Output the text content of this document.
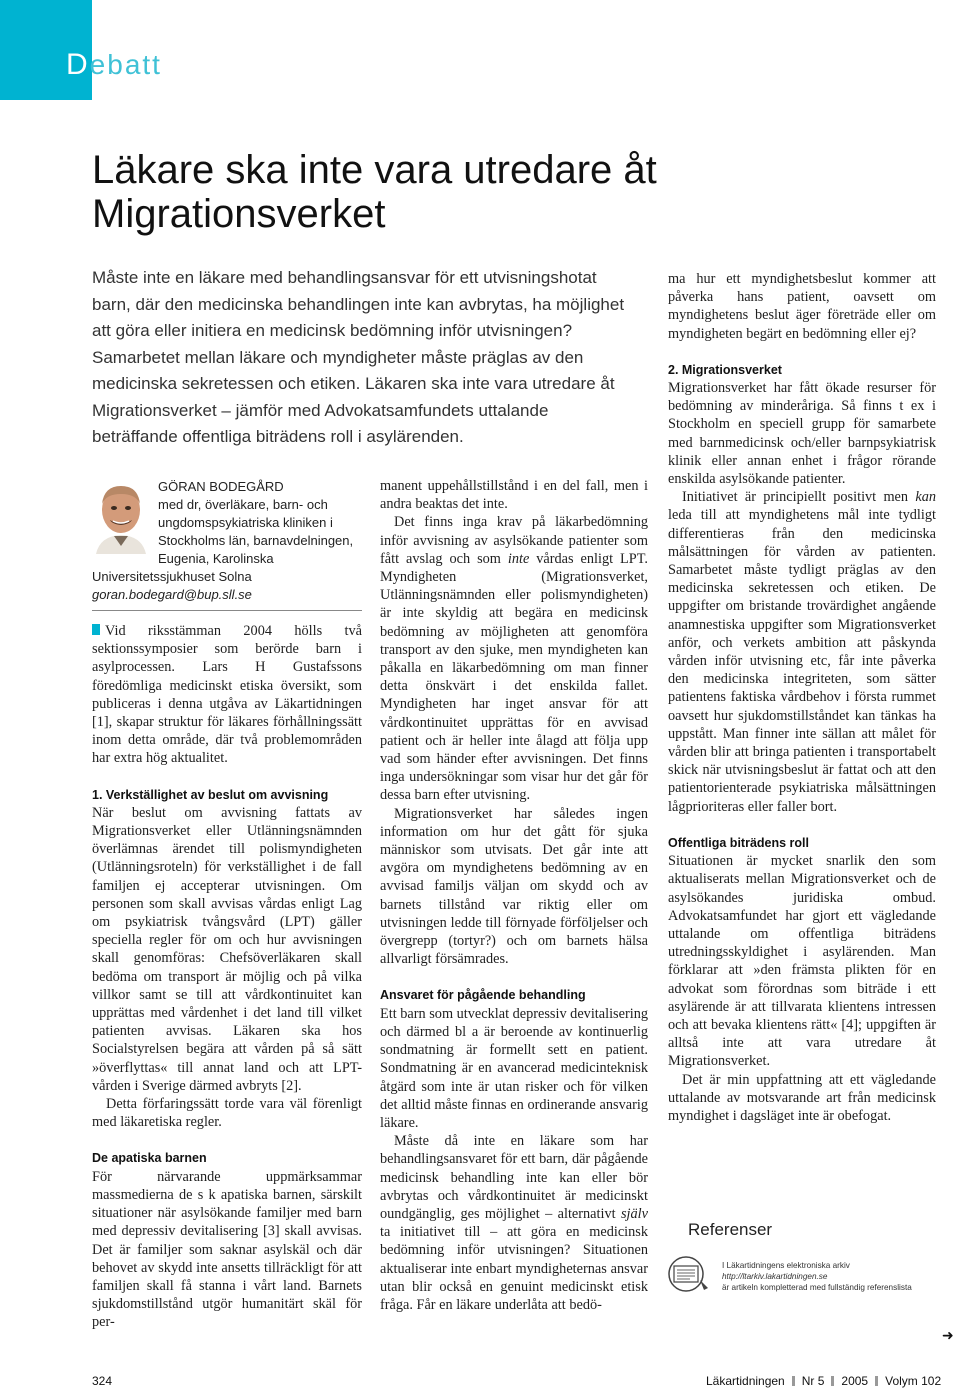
Debatt
Läkare ska inte vara utredare åt Migrationsverket

Måste inte en läkare med behandlingsansvar för ett utvisningshotat barn, där den medicinska behandlingen inte kan avbrytas, ha möjlighet att göra eller initiera en medicinsk bedömning inför utvisningen? Samarbetet mellan läkare och myndigheter måste präglas av den medicinska sekretessen och etiken. Läkaren ska inte vara utredare åt Migrationsverket – jämför med Advokatsamfundets uttalande beträffande offentliga biträdens roll i asylärenden.

GÖRAN BODEGÅRD
med dr, överläkare, barn- och ungdomspsykiatriska kliniken i Stockholms län, barnavdelningen, Eugenia, Karolinska Universitetssjukhuset Solna
goran.bodegard@bup.sll.se

Vid riksstämman 2004 hölls två sektionssymposier som berörde barn i asylprocessen. Lars H Gustafssons föredömliga medicinskt etiska översikt, som publiceras i denna utgåva av Läkartidningen [1], skapar struktur för läkares förhållningssätt inom detta område, där två problemområden har extra hög aktualitet.

1. Verkställighet av beslut om avvisning

När beslut om avvisning fattats av Migrationsverket eller Utlänningsnämnden överlämnas ärendet till polismyndigheten (Utlänningsroteln) för verkställighet i de fall familjen ej accepterar utvisningen. Om personen som skall avvisas vårdas enligt Lag om psykiatrisk tvångsvård (LPT) gäller speciella regler för om och hur avvisningen skall genomföras: Chefsöverläkaren skall bedöma om transport är möjlig och på vilka villkor samt se till att vårdkontinuitet kan upprättas med vårdenhet i det land till vilket patienten avvisas. Läkaren ska hos Socialstyrelsen begära att vården på så sätt »överflyttas« till annat land och att LPT-vården i Sverige därmed avbryts [2].

Detta förfaringssätt torde vara väl förenligt med läkaretiska regler.

De apatiska barnen

För närvarande uppmärksammar massmedierna de s k apatiska barnen, särskilt situationer när asylsökande familjer med barn med depressiv devitalisering [3] skall avvisas. Det är familjer som saknar asylskäl och där behovet av skydd inte ansetts tillräckligt för att familjen skall få stanna i vårt land. Barnets sjukdomstillstånd utgör humanitärt skäl för per-

manent uppehållstillstånd i en del fall, men i andra beaktas det inte.

Det finns inga krav på läkarbedömning inför avvisning av asylsökande patienter som fått avslag och som inte vårdas enligt LPT. Myndigheten (Migrationsverket, Utlänningsnämnden eller polismyndigheten) är inte skyldig att begära en medicinsk bedömning av möjligheten att genomföra transport av den sjuke, men myndigheten kan påkalla en läkarbedömning om man finner detta önskvärt i det enskilda fallet. Myndigheten har inget ansvar för att vårdkontinuitet upprättas för en avvisad patient och är heller inte ålagd att följa upp vad som händer efter avvisningen. Det finns inga undersökningar som visar hur det går för dessa barn efter utvisning.

Migrationsverket har således ingen information om hur det gått för sjuka människor som utvisats. Det går inte att avgöra om myndighetens bedömning av en avvisad familjs väljan om skydd och av barnets tillstånd var riktig eller om utvisningen ledde till förnyade förföljelser och övergrepp (tortyr?) och om barnets hälsa allvarligt försämrades.

Ansvaret för pågående behandling

Ett barn som utvecklat depressiv devitalisering och därmed bl a är beroende av kontinuerlig sondmatning är formellt sett en patient. Sondmatning är en avancerad medicinteknisk åtgärd som inte är utan risker och för vilken det alltid måste finnas en ordinerande ansvarig läkare.

Måste då inte en läkare som har behandlingsansvaret för ett barn, där pågående medicinsk behandling inte kan eller bör avbrytas och vårdkontinuitet är medicinskt oundgänglig, ges möjlighet – alternativt själv ta initiativet till – att göra en medicinsk bedömning inför utvisningen? Situationen aktualiserar inte enbart myndigheternas ansvar utan blir också en genuint medicinskt etisk fråga. Får en läkare underlåta att bedö-

ma hur ett myndighetsbeslut kommer att påverka hans patient, oavsett om myndighetens beslut äger företräde eller om myndigheten begärt en bedömning eller ej?

2. Migrationsverket

Migrationsverket har fått ökade resurser för bedömning av minderåriga. Så finns t ex i Stockholm en speciell grupp för samarbete med barnmedicinsk och/eller barnpsykiatrisk klinik eller annan enhet i frågor rörande enskilda asylsökande patienter.

Initiativet är principiellt positivt men kan leda till att myndighetens mål inte tydligt differentieras från den medicinska målsättningen för vården av patienten. Samarbetet måste tydligt präglas av den medicinska sekretessen och etiken. De uppgifter om bristande trovärdighet angående anamnestiska uppgifter som Migrationsverket anför, och verkets ambition att påskynda vården inför utvisning etc, får inte påverka den medicinska integriteten, som sätter patientens faktiska vårdbehov i första rummet oavsett hur sjukdomstillståndet kan tänkas ha uppstått. Man finner inte sällan att målet för vården blir att bringa patienten i transportabelt skick när utvisningsbeslut är fattat och att den patientorienterade psykiatriska målsättningen lågprioriteras eller faller bort.

Offentliga biträdens roll

Situationen är mycket snarlik den som aktualiserats mellan Migrationsverket och de asylsökandes juridiska ombud. Advokatsamfundet har gjort ett vägledande uttalande om offentliga biträdens utredningsskyldighet i asylärenden. Man förklarar att »den främsta plikten för en advokat som förordnas som biträde i ett asylärende är att tillvarata klientens intressen och att bevaka klientens rätt« [4]; uppgiften är alltså inte att vara utredare åt Migrationsverket.

Det är min uppfattning att ett vägledande uttalande av motsvarande art från medicinsk myndighet i dagsläget inte är obefogat.

Referenser
I Läkartidningens elektroniska arkiv
http://ltarkiv.lakartidningen.se
är artikeln kompletterad med fullständig referenslista
➜
324	Läkartidningen Nr 5 2005 Volym 102
